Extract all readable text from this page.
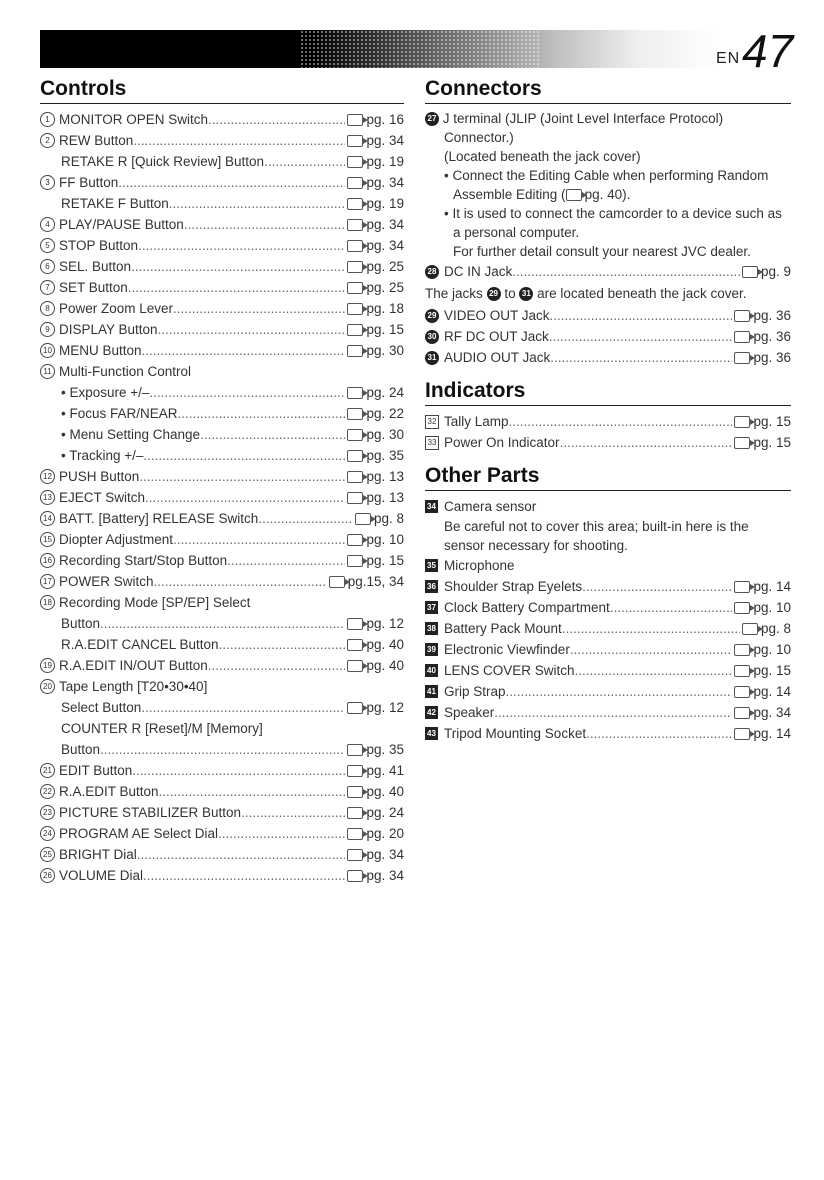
EN 47
Controls
1 MONITOR OPEN Switch .....	pg. 16
2 REW Button .....	pg. 34
RETAKE R [Quick Review] Button .....	pg. 19
3 FF Button .....	pg. 34
RETAKE F Button .....	pg. 19
4 PLAY/PAUSE Button .....	pg. 34
5 STOP Button .....	pg. 34
6 SEL. Button .....	pg. 25
7 SET Button .....	pg. 25
8 Power Zoom Lever .....	pg. 18
9 DISPLAY Button .....	pg. 15
10 MENU Button .....	pg. 30
11 Multi-Function Control
• Exposure +/– .....	pg. 24
• Focus FAR/NEAR .....	pg. 22
• Menu Setting Change .....	pg. 30
• Tracking +/– .....	pg. 35
12 PUSH Button .....	pg. 13
13 EJECT Switch .....	pg. 13
14 BATT. [Battery] RELEASE Switch .....	pg. 8
15 Diopter Adjustment .....	pg. 10
16 Recording Start/Stop Button .....	pg. 15
17 POWER Switch .....	pg.15, 34
18 Recording Mode [SP/EP] Select
Button .....	pg. 12
R.A.EDIT CANCEL Button .....	pg. 40
19 R.A.EDIT IN/OUT Button .....	pg. 40
20 Tape Length [T20•30•40]
Select Button .....	pg. 12
COUNTER R [Reset]/M [Memory]
Button .....	pg. 35
21 EDIT Button .....	pg. 41
22 R.A.EDIT Button .....	pg. 40
23 PICTURE STABILIZER Button .....	pg. 24
24 PROGRAM AE Select Dial .....	pg. 20
25 BRIGHT Dial .....	pg. 34
26 VOLUME Dial .....	pg. 34
Connectors
27 J terminal (JLIP (Joint Level Interface Protocol)
Connector.)
(Located beneath the jack cover)
• Connect the Editing Cable when performing Random Assemble Editing ( pg. 40).
• It is used to connect the camcorder to a device such as a personal computer.
For further detail consult your nearest JVC dealer.
28 DC IN Jack .....	pg. 9
The jacks 29 to 31 are located beneath the jack cover.
29 VIDEO OUT Jack .....	pg. 36
30 RF DC OUT Jack .....	pg. 36
31 AUDIO OUT Jack .....	pg. 36
Indicators
32 Tally Lamp .....	pg. 15
33 Power On Indicator .....	pg. 15
Other Parts
34 Camera sensor
Be careful not to cover this area; built-in here is the sensor necessary for shooting.
35 Microphone
36 Shoulder Strap Eyelets .....	pg. 14
37 Clock Battery Compartment .....	pg. 10
38 Battery Pack Mount .....	pg. 8
39 Electronic Viewfinder .....	pg. 10
40 LENS COVER Switch .....	pg. 15
41 Grip Strap .....	pg. 14
42 Speaker .....	pg. 34
43 Tripod Mounting Socket .....	pg. 14
